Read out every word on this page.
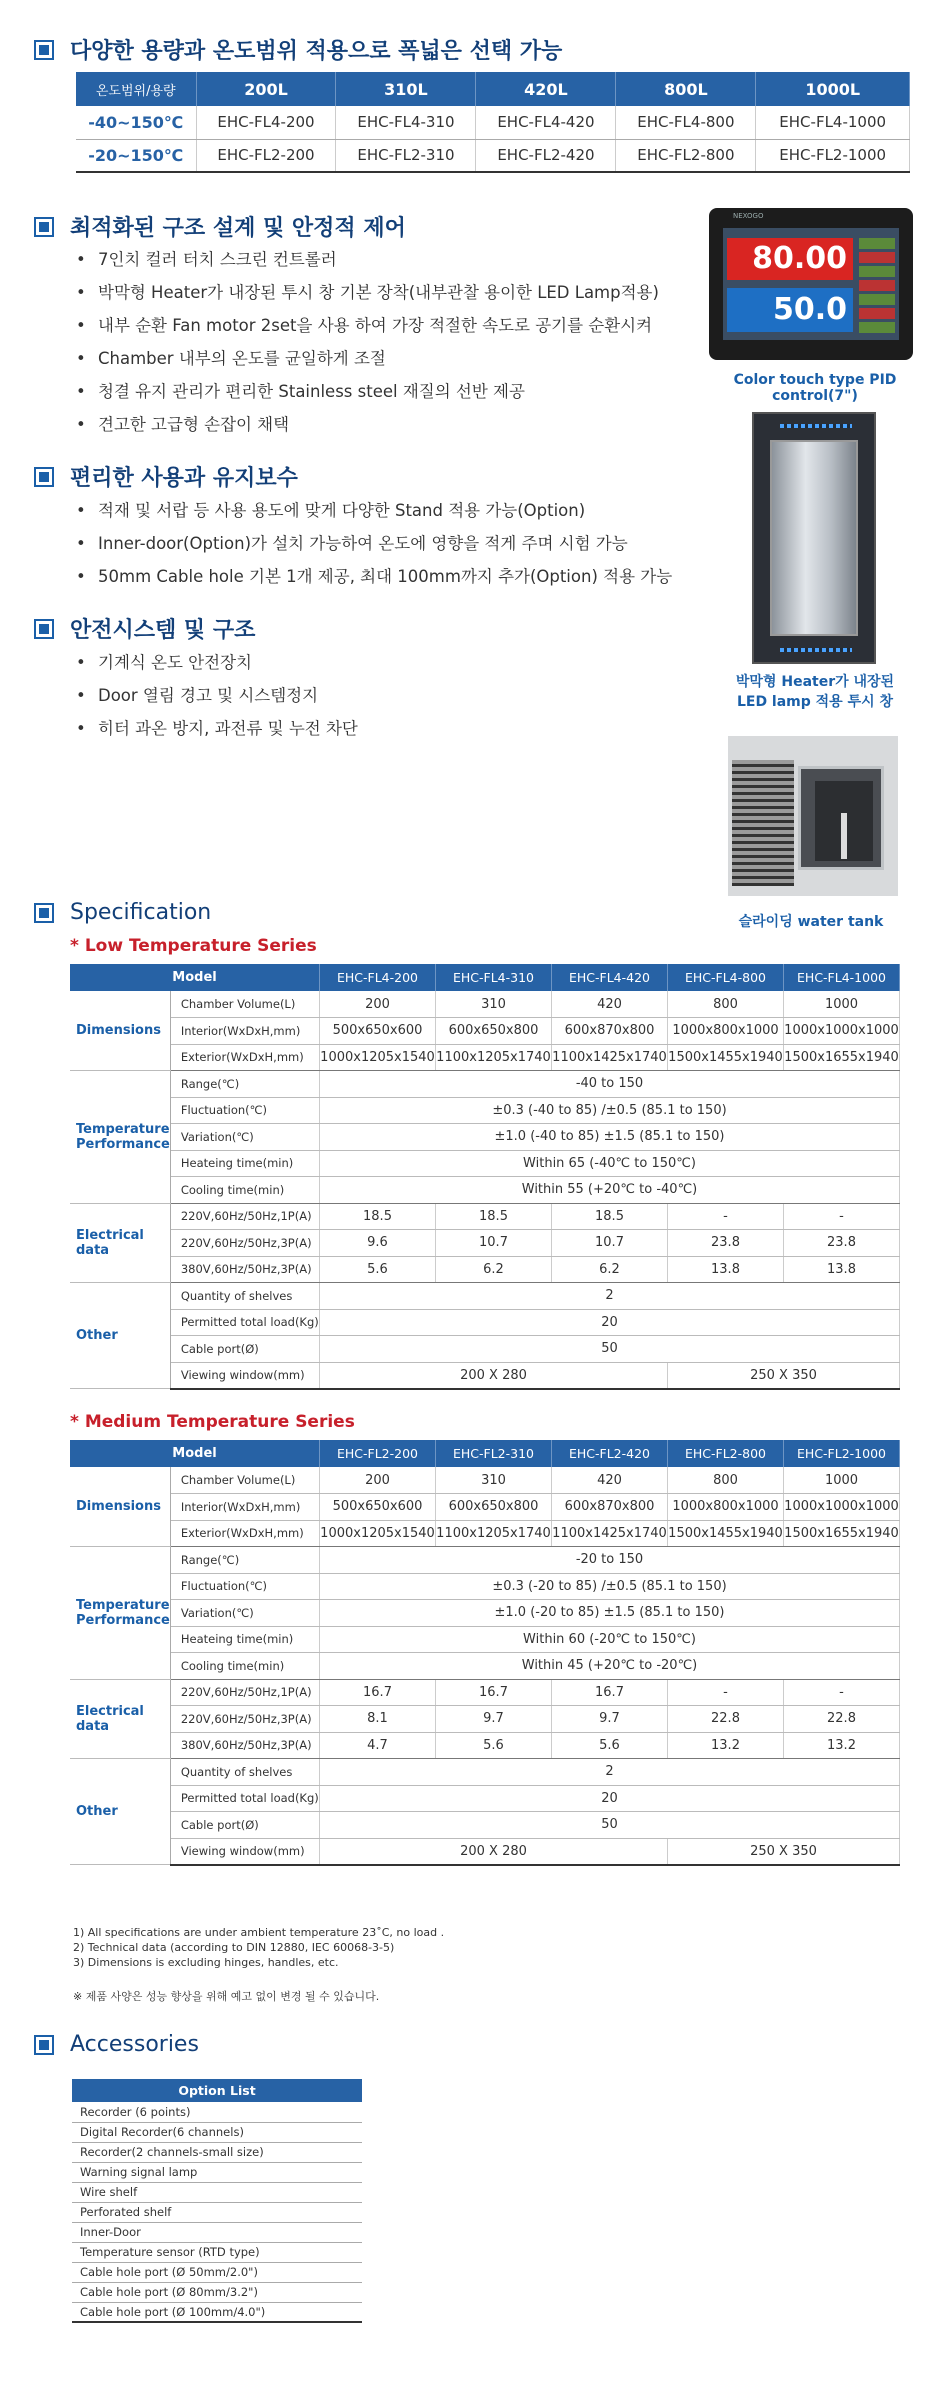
다양한 용량과 온도범위 적용으로 폭넓은 선택 가능
온도범위/용량	200L	310L	420L	800L	1000L
-40~150℃	EHC-FL4-200	EHC-FL4-310	EHC-FL4-420	EHC-FL4-800	EHC-FL4-1000
-20~150℃	EHC-FL2-200	EHC-FL2-310	EHC-FL2-420	EHC-FL2-800	EHC-FL2-1000
최적화된 구조 설계 및 안정적 제어
• 7인치 컬러 터치 스크린 컨트롤러
• 박막형 Heater가 내장된 투시 창 기본 장착(내부관찰 용이한 LED Lamp적용)
• 내부 순환 Fan motor 2set을 사용 하여 가장 적절한 속도로 공기를 순환시켜
• Chamber 내부의 온도를 균일하게 조절
• 청결 유지 관리가 편리한 Stainless steel 재질의 선반 제공
• 견고한 고급형 손잡이 채택
NEXOGO
80.00
50.0
Color touch type PID control(7")
편리한 사용과 유지보수
• 적재 및 서랍 등 사용 용도에 맞게 다양한 Stand 적용 가능(Option)
• Inner-door(Option)가 설치 가능하여 온도에 영향을 적게 주며 시험 가능
• 50mm Cable hole 기본 1개 제공, 최대 100mm까지 추가(Option) 적용 가능
박막형 Heater가 내장된
LED lamp 적용 투시 창
안전시스템 및 구조
• 기계식 온도 안전장치
• Door 열림 경고 및 시스템정지
• 히터 과온 방지, 과전류 및 누전 차단
슬라이딩 water tank
Specification
* Low Temperature Series
Model		EHC-FL4-200	EHC-FL4-310	EHC-FL4-420	EHC-FL4-800	EHC-FL4-1000
Dimensions	Chamber Volume(L)	200	310	420	800	1000
	Interior(WxDxH,mm)	500x650x600	600x650x800	600x870x800	1000x800x1000	1000x1000x1000
	Exterior(WxDxH,mm)	1000x1205x1540	1100x1205x1740	1100x1425x1740	1500x1455x1940	1500x1655x1940
Temperature Performance	Range(℃)	-40 to 150				
	Fluctuation(℃)	±0.3 (-40 to 85) /±0.5 (85.1 to 150)				
	Variation(℃)	±1.0 (-40 to 85) ±1.5 (85.1 to 150)				
	Heateing time(min)	Within 65 (-40℃ to 150℃)				
	Cooling time(min)	Within 55 (+20℃ to -40℃)				
Electrical data	220V,60Hz/50Hz,1P(A)	18.5	18.5	18.5	-	-
	220V,60Hz/50Hz,3P(A)	9.6	10.7	10.7	23.8	23.8
	380V,60Hz/50Hz,3P(A)	5.6	6.2	6.2	13.8	13.8
Other	Quantity of shelves	2				
	Permitted total load(Kg)	20				
	Cable port(Ø)	50				
	Viewing window(mm)	200 X 280			250 X 350	
* Medium Temperature Series
Model		EHC-FL2-200	EHC-FL2-310	EHC-FL2-420	EHC-FL2-800	EHC-FL2-1000
Dimensions	Chamber Volume(L)	200	310	420	800	1000
	Interior(WxDxH,mm)	500x650x600	600x650x800	600x870x800	1000x800x1000	1000x1000x1000
	Exterior(WxDxH,mm)	1000x1205x1540	1100x1205x1740	1100x1425x1740	1500x1455x1940	1500x1655x1940
Temperature Performance	Range(℃)	-20 to 150				
	Fluctuation(℃)	±0.3 (-20 to 85) /±0.5 (85.1 to 150)				
	Variation(℃)	±1.0 (-20 to 85) ±1.5 (85.1 to 150)				
	Heateing time(min)	Within 60 (-20℃ to 150℃)				
	Cooling time(min)	Within 45 (+20℃ to -20℃)				
Electrical data	220V,60Hz/50Hz,1P(A)	16.7	16.7	16.7	-	-
	220V,60Hz/50Hz,3P(A)	8.1	9.7	9.7	22.8	22.8
	380V,60Hz/50Hz,3P(A)	4.7	5.6	5.6	13.2	13.2
Other	Quantity of shelves	2				
	Permitted total load(Kg)	20				
	Cable port(Ø)	50				
	Viewing window(mm)	200 X 280			250 X 350	
1) All specifications are under ambient temperature 23˚C, no load .
2) Technical data (according to DIN 12880, IEC 60068-3-5)
3) Dimensions is excluding hinges, handles, etc.
※ 제품 사양은 성능 향상을 위해 예고 없이 변경 될 수 있습니다.
Accessories
Option List
Recorder (6 points)
Digital Recorder(6 channels)
Recorder(2 channels-small size)
Warning signal lamp
Wire shelf
Perforated shelf
Inner-Door
Temperature sensor (RTD type)
Cable hole port (Ø 50mm/2.0")
Cable hole port (Ø 80mm/3.2")
Cable hole port (Ø 100mm/4.0")
